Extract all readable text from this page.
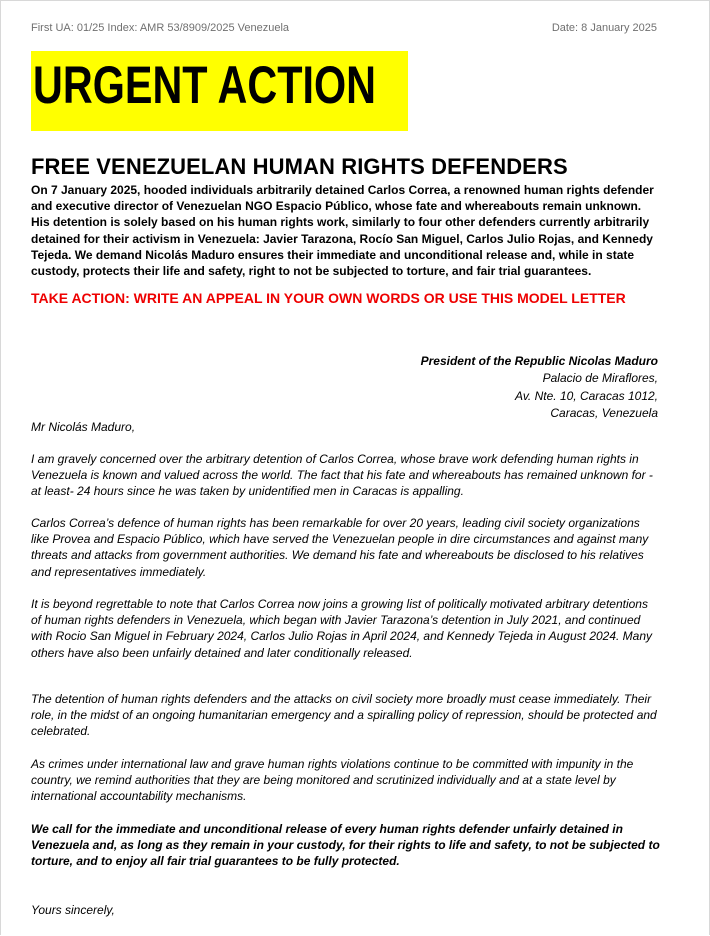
First UA: 01/25 Index: AMR 53/8909/2025 Venezuela	Date: 8 January 2025
URGENT ACTION
FREE VENEZUELAN HUMAN RIGHTS DEFENDERS
On 7 January 2025, hooded individuals arbitrarily detained Carlos Correa, a renowned human rights defender and executive director of Venezuelan NGO Espacio Público, whose fate and whereabouts remain unknown. His detention is solely based on his human rights work, similarly to four other defenders currently arbitrarily detained for their activism in Venezuela: Javier Tarazona, Rocío San Miguel, Carlos Julio Rojas, and Kennedy Tejeda. We demand Nicolás Maduro ensures their immediate and unconditional release and, while in state custody, protects their life and safety, right to not be subjected to torture, and fair trial guarantees.
TAKE ACTION: WRITE AN APPEAL IN YOUR OWN WORDS OR USE THIS MODEL LETTER
President of the Republic Nicolas Maduro
Palacio de Miraflores,
Av. Nte. 10, Caracas 1012,
Caracas, Venezuela
Mr Nicolás Maduro,
I am gravely concerned over the arbitrary detention of Carlos Correa, whose brave work defending human rights in Venezuela is known and valued across the world. The fact that his fate and whereabouts has remained unknown for -at least- 24 hours since he was taken by unidentified men in Caracas is appalling.
Carlos Correa’s defence of human rights has been remarkable for over 20 years, leading civil society organizations like Provea and Espacio Público, which have served the Venezuelan people in dire circumstances and against many threats and attacks from government authorities. We demand his fate and whereabouts be disclosed to his relatives and representatives immediately.
It is beyond regrettable to note that Carlos Correa now joins a growing list of politically motivated arbitrary detentions of human rights defenders in Venezuela, which began with Javier Tarazona’s detention in July 2021, and continued with Rocio San Miguel in February 2024, Carlos Julio Rojas in April 2024, and Kennedy Tejeda in August 2024. Many others have also been unfairly detained and later conditionally released.
The detention of human rights defenders and the attacks on civil society more broadly must cease immediately. Their role, in the midst of an ongoing humanitarian emergency and a spiralling policy of repression, should be protected and celebrated.
As crimes under international law and grave human rights violations continue to be committed with impunity in the country, we remind authorities that they are being monitored and scrutinized individually and at a state level by international accountability mechanisms.
We call for the immediate and unconditional release of every human rights defender unfairly detained in Venezuela and, as long as they remain in your custody, for their rights to life and safety, to not be subjected to torture, and to enjoy all fair trial guarantees to be fully protected.
Yours sincerely,
